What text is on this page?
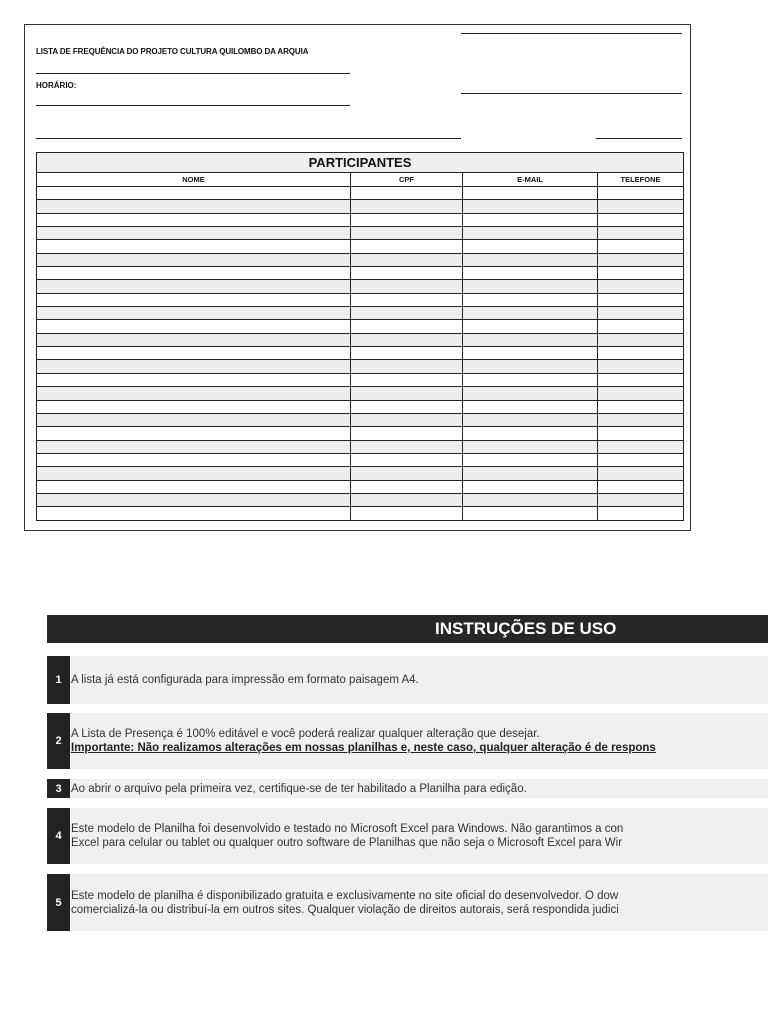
LISTA DE FREQUÊNCIA DO PROJETO CULTURA QUILOMBO DA ARQUIA
HORÁRIO:
PARTICIPANTES			
NOME	CPF	E-MAIL	TELEFONE

INSTRUÇÕES DE USO
1 A lista já está configurada para impressão em formato paisagem A4.
2
A Lista de Presença é 100% editável e você poderá realizar qualquer alteração que desejar.
Importante: Não realizamos alterações em nossas planilhas e, neste caso, qualquer alteração é de respons
3 Ao abrir o arquivo pela primeira vez, certifique-se de ter habilitado a Planilha para edição.
4
Este modelo de Planilha foi desenvolvido e testado no Microsoft Excel para Windows. Não garantimos a con
Excel para celular ou tablet ou qualquer outro software de Planilhas que não seja o Microsoft Excel para Wir
5
Este modelo de planilha é disponibilizado gratuita e exclusivamente no site oficial do desenvolvedor. O dow
comercializá-la ou distribuí-la em outros sites. Qualquer violação de direitos autorais, será respondida judici
